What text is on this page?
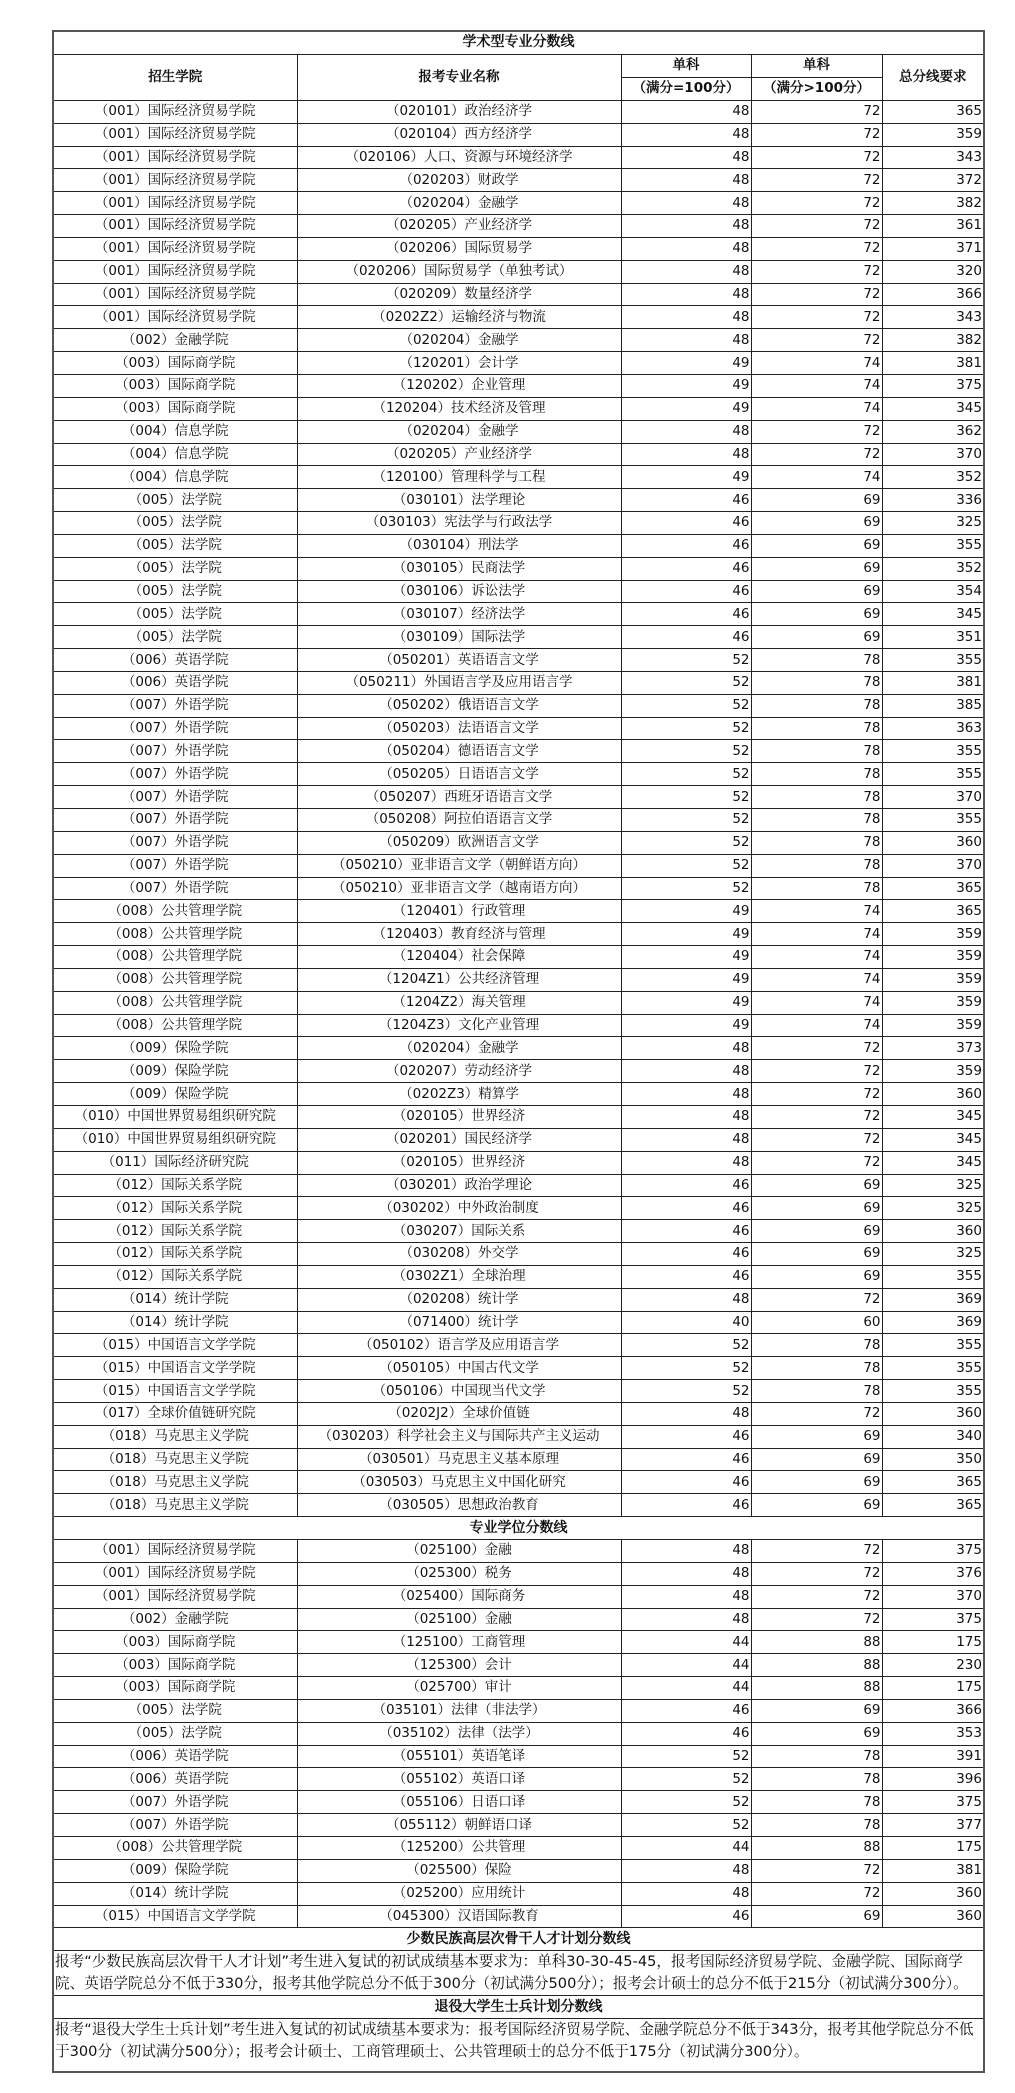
学术型专业分数线				
招生学院	报考专业名称	单科	单科	总分线要求
		（满分=100分）	（满分>100分）	
（001）国际经济贸易学院	（020101）政治经济学	48	72	365
（001）国际经济贸易学院	（020104）西方经济学	48	72	359
（001）国际经济贸易学院	（020106）人口、资源与环境经济学	48	72	343
（001）国际经济贸易学院	（020203）财政学	48	72	372
（001）国际经济贸易学院	（020204）金融学	48	72	382
（001）国际经济贸易学院	（020205）产业经济学	48	72	361
（001）国际经济贸易学院	（020206）国际贸易学	48	72	371
（001）国际经济贸易学院	（020206）国际贸易学（单独考试）	48	72	320
（001）国际经济贸易学院	（020209）数量经济学	48	72	366
（001）国际经济贸易学院	（0202Z2）运输经济与物流	48	72	343
（002）金融学院	（020204）金融学	48	72	382
（003）国际商学院	（120201）会计学	49	74	381
（003）国际商学院	（120202）企业管理	49	74	375
（003）国际商学院	（120204）技术经济及管理	49	74	345
（004）信息学院	（020204）金融学	48	72	362
（004）信息学院	（020205）产业经济学	48	72	370
（004）信息学院	（120100）管理科学与工程	49	74	352
（005）法学院	（030101）法学理论	46	69	336
（005）法学院	（030103）宪法学与行政法学	46	69	325
（005）法学院	（030104）刑法学	46	69	355
（005）法学院	（030105）民商法学	46	69	352
（005）法学院	（030106）诉讼法学	46	69	354
（005）法学院	（030107）经济法学	46	69	345
（005）法学院	（030109）国际法学	46	69	351
（006）英语学院	（050201）英语语言文学	52	78	355
（006）英语学院	（050211）外国语言学及应用语言学	52	78	381
（007）外语学院	（050202）俄语语言文学	52	78	385
（007）外语学院	（050203）法语语言文学	52	78	363
（007）外语学院	（050204）德语语言文学	52	78	355
（007）外语学院	（050205）日语语言文学	52	78	355
（007）外语学院	（050207）西班牙语语言文学	52	78	370
（007）外语学院	（050208）阿拉伯语语言文学	52	78	355
（007）外语学院	（050209）欧洲语言文学	52	78	360
（007）外语学院	（050210）亚非语言文学（朝鲜语方向）	52	78	370
（007）外语学院	（050210）亚非语言文学（越南语方向）	52	78	365
（008）公共管理学院	（120401）行政管理	49	74	365
（008）公共管理学院	（120403）教育经济与管理	49	74	359
（008）公共管理学院	（120404）社会保障	49	74	359
（008）公共管理学院	（1204Z1）公共经济管理	49	74	359
（008）公共管理学院	（1204Z2）海关管理	49	74	359
（008）公共管理学院	（1204Z3）文化产业管理	49	74	359
（009）保险学院	（020204）金融学	48	72	373
（009）保险学院	（020207）劳动经济学	48	72	359
（009）保险学院	（0202Z3）精算学	48	72	360
（010）中国世界贸易组织研究院	（020105）世界经济	48	72	345
（010）中国世界贸易组织研究院	（020201）国民经济学	48	72	345
（011）国际经济研究院	（020105）世界经济	48	72	345
（012）国际关系学院	（030201）政治学理论	46	69	325
（012）国际关系学院	（030202）中外政治制度	46	69	325
（012）国际关系学院	（030207）国际关系	46	69	360
（012）国际关系学院	（030208）外交学	46	69	325
（012）国际关系学院	（0302Z1）全球治理	46	69	355
（014）统计学院	（020208）统计学	48	72	369
（014）统计学院	（071400）统计学	40	60	369
（015）中国语言文学学院	（050102）语言学及应用语言学	52	78	355
（015）中国语言文学学院	（050105）中国古代文学	52	78	355
（015）中国语言文学学院	（050106）中国现当代文学	52	78	355
（017）全球价值链研究院	（0202J2）全球价值链	48	72	360
（018）马克思主义学院	（030203）科学社会主义与国际共产主义运动	46	69	340
（018）马克思主义学院	（030501）马克思主义基本原理	46	69	350
（018）马克思主义学院	（030503）马克思主义中国化研究	46	69	365
（018）马克思主义学院	（030505）思想政治教育	46	69	365
专业学位分数线				
（001）国际经济贸易学院	（025100）金融	48	72	375
（001）国际经济贸易学院	（025300）税务	48	72	376
（001）国际经济贸易学院	（025400）国际商务	48	72	370
（002）金融学院	（025100）金融	48	72	375
（003）国际商学院	（125100）工商管理	44	88	175
（003）国际商学院	（125300）会计	44	88	230
（003）国际商学院	（025700）审计	44	88	175
（005）法学院	（035101）法律（非法学）	46	69	366
（005）法学院	（035102）法律（法学）	46	69	353
（006）英语学院	（055101）英语笔译	52	78	391
（006）英语学院	（055102）英语口译	52	78	396
（007）外语学院	（055106）日语口译	52	78	375
（007）外语学院	（055112）朝鲜语口译	52	78	377
（008）公共管理学院	（125200）公共管理	44	88	175
（009）保险学院	（025500）保险	48	72	381
（014）统计学院	（025200）应用统计	48	72	360
（015）中国语言文学学院	（045300）汉语国际教育	46	69	360
少数民族高层次骨干人才计划分数线				
报考“少数民族高层次骨干人才计划”考生进入复试的初试成绩基本要求为：单科30-30-45-45，报考国际经济贸易学院、金融学院、国际商学院、英语学院总分不低于330分，报考其他学院总分不低于300分（初试满分500分）；报考会计硕士的总分不低于215分（初试满分300分）。				
退役大学生士兵计划分数线				
报考“退役大学生士兵计划”考生进入复试的初试成绩基本要求为：报考国际经济贸易学院、金融学院总分不低于343分，报考其他学院总分不低于300分（初试满分500分）；报考会计硕士、工商管理硕士、公共管理硕士的总分不低于175分（初试满分300分）。				
